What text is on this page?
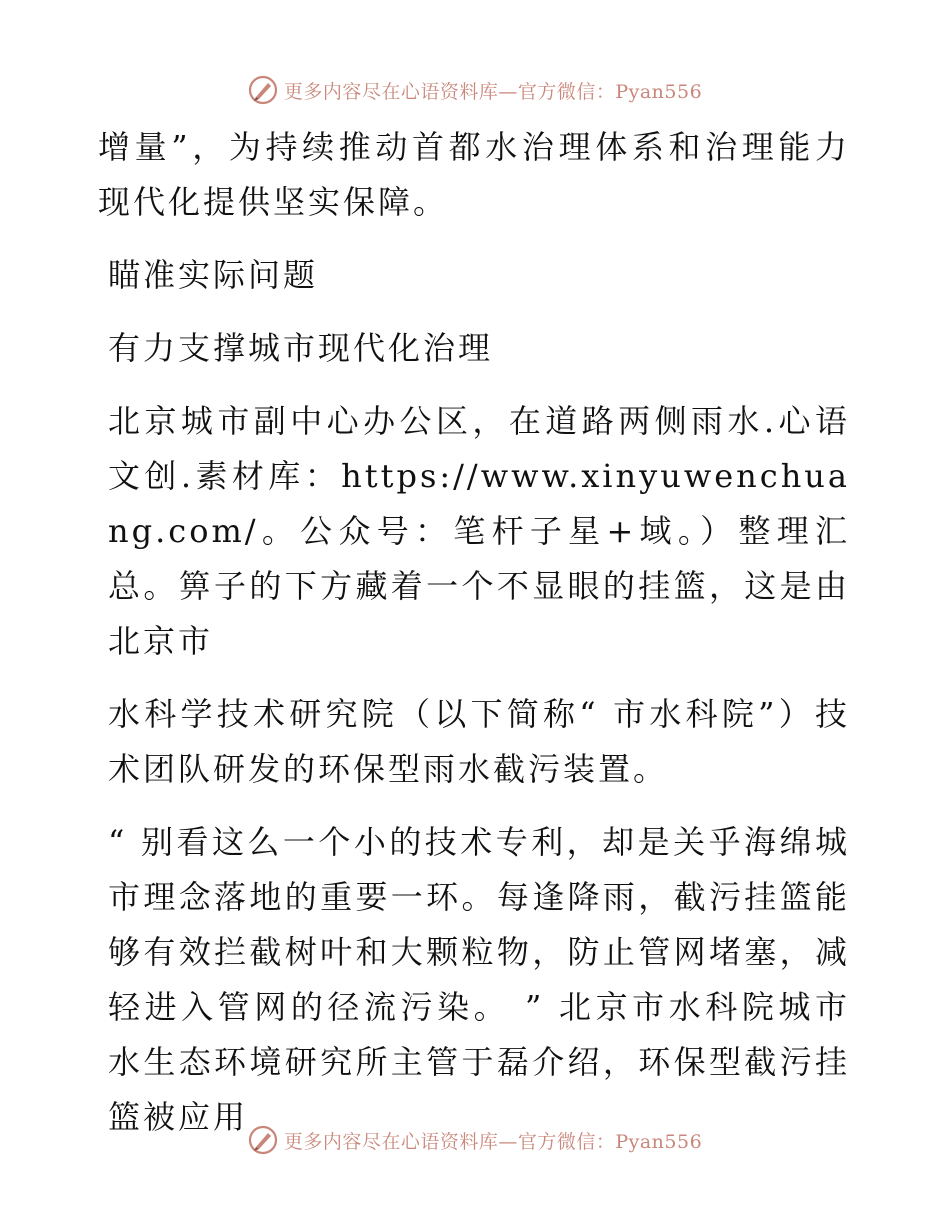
更多内容尽在心语资料库—官方微信：Pyan556

增量”，为持续推动首都水治理体系和治理能力现代化提供坚实保障。

瞄准实际问题

有力支撑城市现代化治理

北京城市副中心办公区，在道路两侧雨水.心语文创.素材库：https://www.xinyuwenchuang.com/。公众号：笔杆子星+域。）整理汇总。箅子的下方藏着一个不显眼的挂篮，这是由北京市

水科学技术研究院（以下简称“ 市水科院”）技术团队研发的环保型雨水截污装置。

“ 别看这么一个小的技术专利，却是关乎海绵城市理念落地的重要一环。每逢降雨，截污挂篮能够有效拦截树叶和大颗粒物，防止管网堵塞，减轻进入管网的径流污染。 ” 北京市水科院城市水生态环境研究所主管于磊介绍，环保型截污挂篮被应用

更多内容尽在心语资料库—官方微信：Pyan556
